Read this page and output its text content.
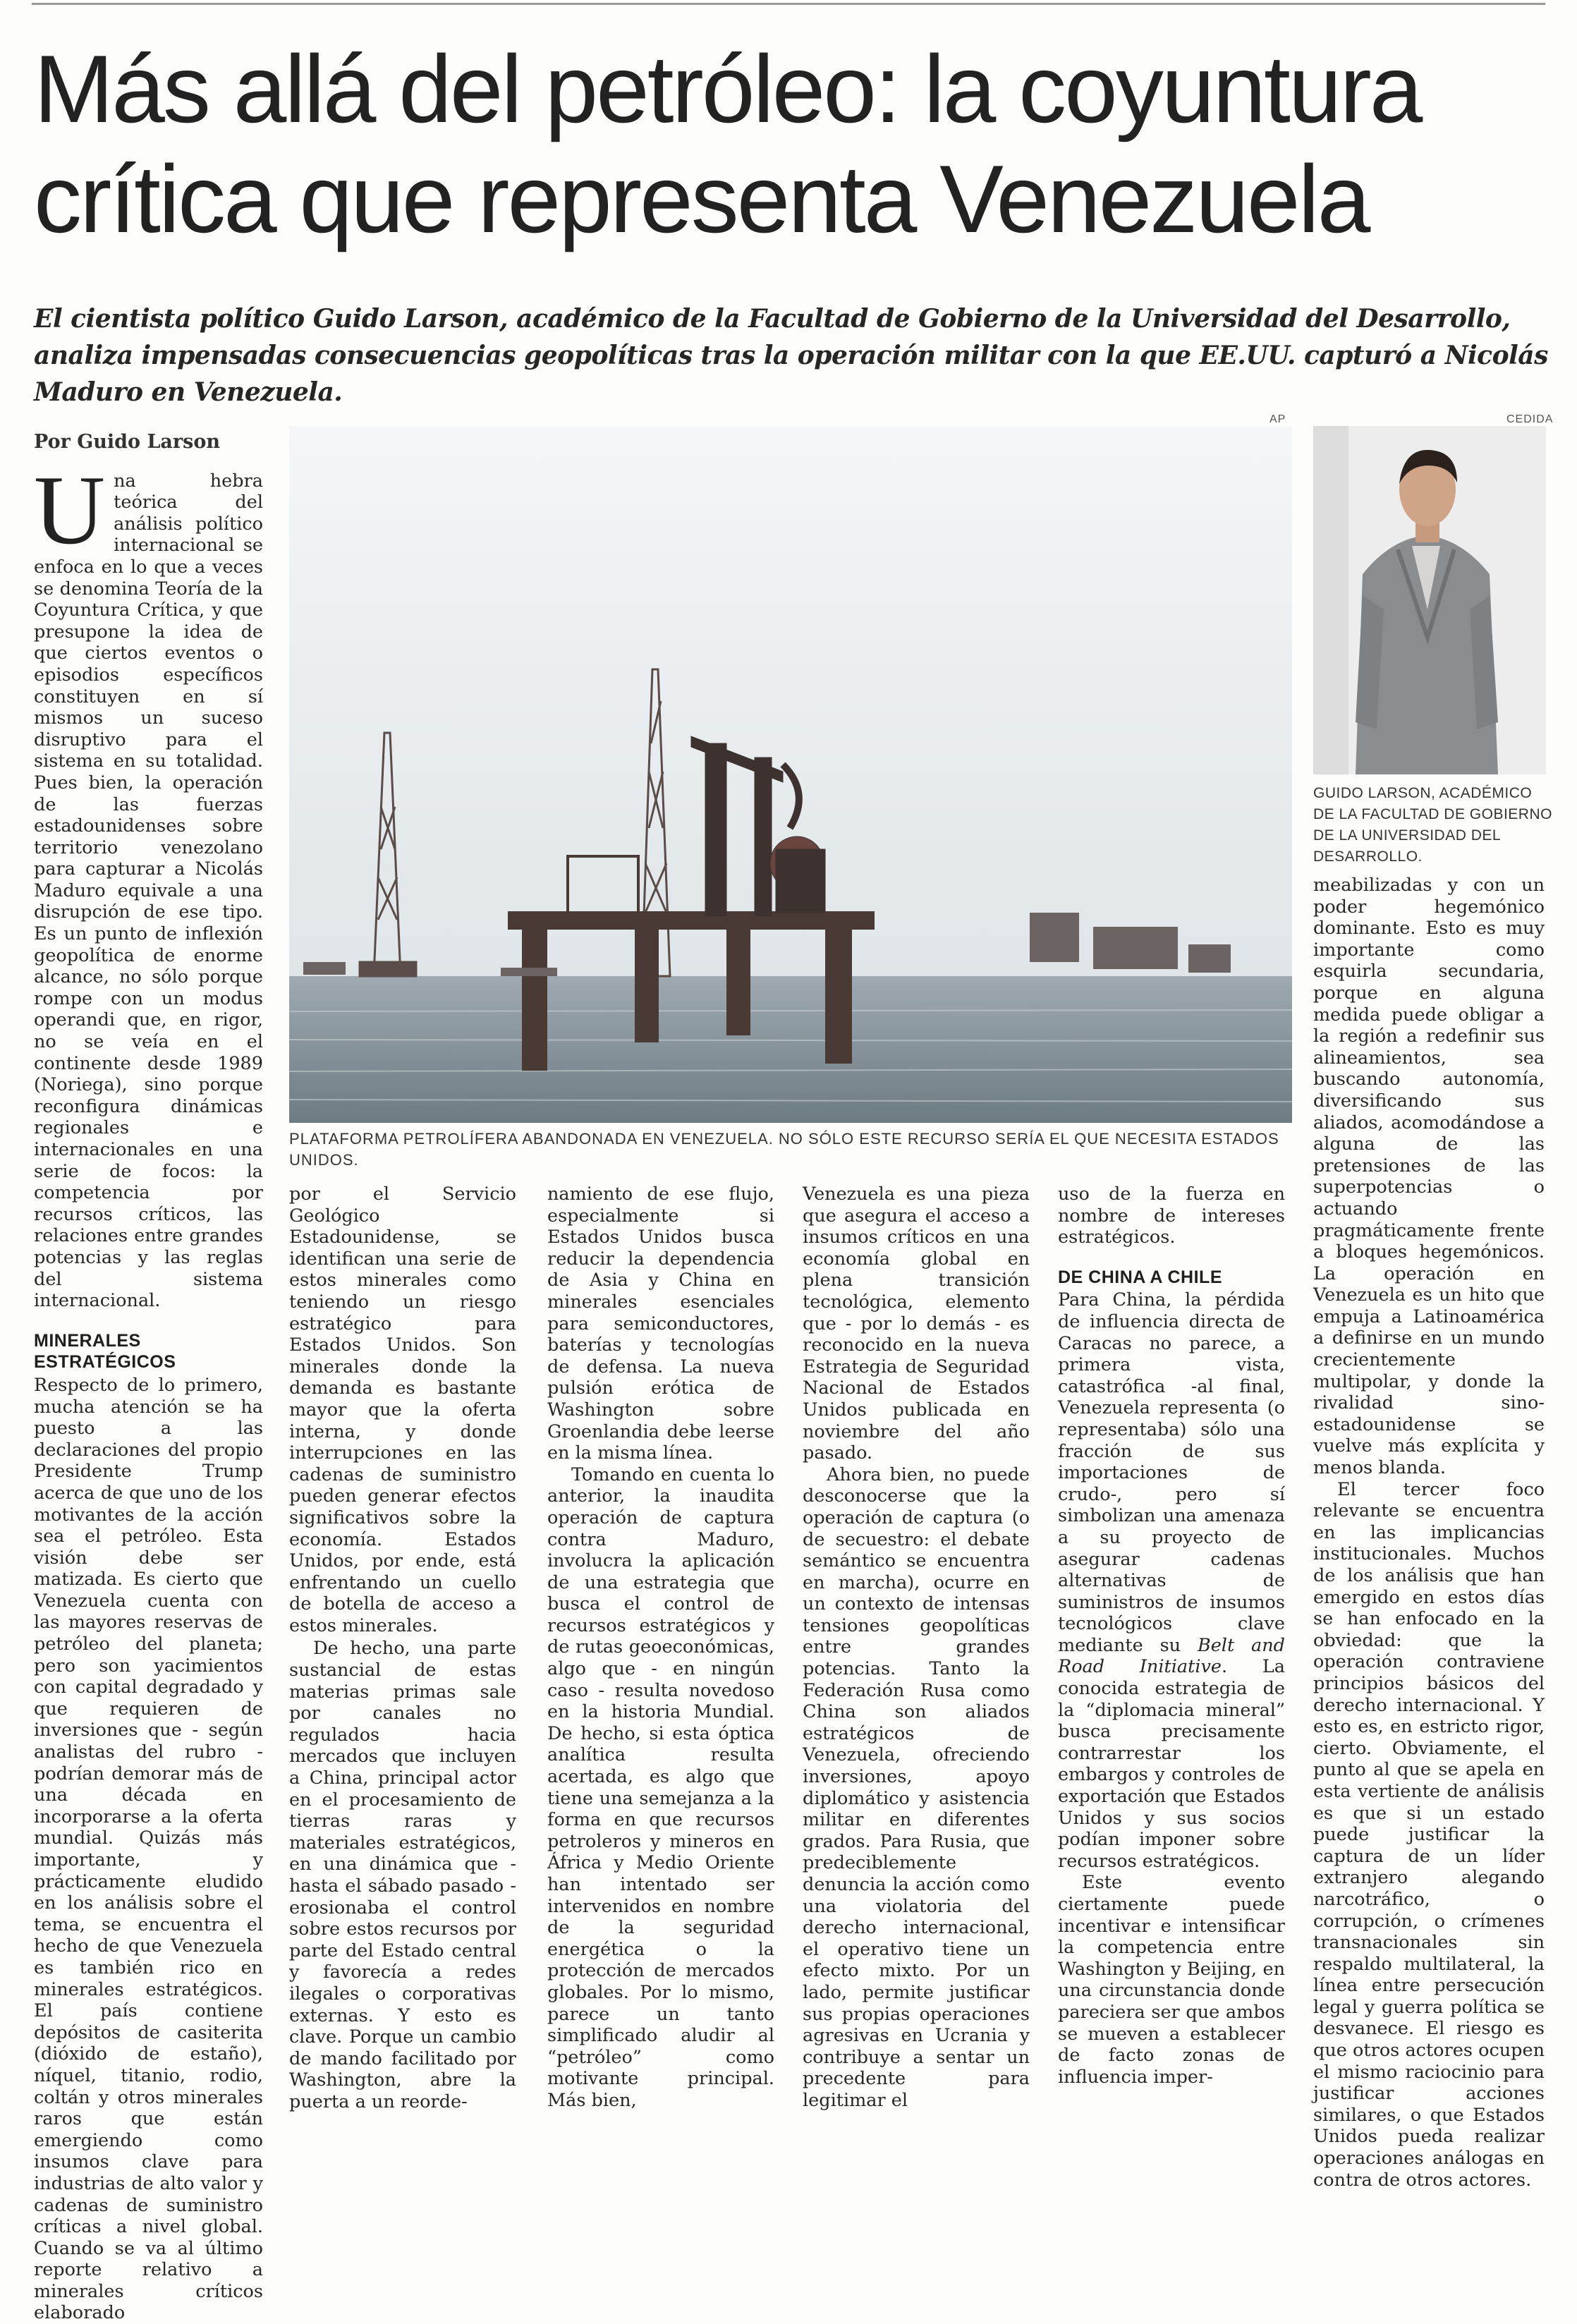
Más allá del petróleo: la coyuntura crítica que representa Venezuela

El cientista político Guido Larson, académico de la Facultad de Gobierno de la Universidad del Desarrollo, analiza impensadas consecuencias geopolíticas tras la operación militar con la que EE.UU. capturó a Nicolás Maduro en Venezuela.

Por Guido Larson

Una hebra teórica del análisis político internacional se enfoca en lo que a veces se denomina Teoría de la Coyuntura Crítica, y que presupone la idea de que ciertos eventos o episodios específicos constituyen en sí mismos un suceso disruptivo para el sistema en su totalidad. Pues bien, la operación de las fuerzas estadounidenses sobre territorio venezolano para capturar a Nicolás Maduro equivale a una disrupción de ese tipo. Es un punto de inflexión geopolítica de enorme alcance, no sólo porque rompe con un modus operandi que, en rigor, no se veía en el continente desde 1989 (Noriega), sino porque reconfigura dinámicas regionales e internacionales en una serie de focos: la competencia por recursos críticos, las relaciones entre grandes potencias y las reglas del sistema internacional.

MINERALES ESTRATÉGICOS

Respecto de lo primero, mucha atención se ha puesto a las declaraciones del propio Presidente Trump acerca de que uno de los motivantes de la acción sea el petróleo. Esta visión debe ser matizada. Es cierto que Venezuela cuenta con las mayores reservas de petróleo del planeta; pero son yacimientos con capital degradado y que requieren de inversiones que - según analistas del rubro - podrían demorar más de una década en incorporarse a la oferta mundial. Quizás más importante, y prácticamente eludido en los análisis sobre el tema, se encuentra el hecho de que Venezuela es también rico en minerales estratégicos. El país contiene depósitos de casiterita (dióxido de estaño), níquel, titanio, rodio, coltán y otros minerales raros que están emergiendo como insumos clave para industrias de alto valor y cadenas de suministro críticas a nivel global. Cuando se va al último reporte relativo a minerales críticos elaborado

AP
PLATAFORMA PETROLÍFERA ABANDONADA EN VENEZUELA. NO SÓLO ESTE RECURSO SERÍA EL QUE NECESITA ESTADOS UNIDOS.
CEDIDA
GUIDO LARSON, ACADÉMICO DE LA FACULTAD DE GOBIERNO DE LA UNIVERSIDAD DEL DESARROLLO.

por el Servicio Geológico Estadounidense, se identifican una serie de estos minerales como teniendo un riesgo estratégico para Estados Unidos. Son minerales donde la demanda es bastante mayor que la oferta interna, y donde interrupciones en las cadenas de suministro pueden generar efectos significativos sobre la economía. Estados Unidos, por ende, está enfrentando un cuello de botella de acceso a estos minerales.

De hecho, una parte sustancial de estas materias primas sale por canales no regulados hacia mercados que incluyen a China, principal actor en el procesamiento de tierras raras y materiales estratégicos, en una dinámica que - hasta el sábado pasado - erosionaba el control sobre estos recursos por parte del Estado central y favorecía a redes ilegales o corporativas externas. Y esto es clave. Porque un cambio de mando facilitado por Washington, abre la puerta a un reorde-

namiento de ese flujo, especialmente si Estados Unidos busca reducir la dependencia de Asia y China en minerales esenciales para semiconductores, baterías y tecnologías de defensa. La nueva pulsión erótica de Washington sobre Groenlandia debe leerse en la misma línea.

Tomando en cuenta lo anterior, la inaudita operación de captura contra Maduro, involucra la aplicación de una estrategia que busca el control de recursos estratégicos y de rutas geoeconómicas, algo que - en ningún caso - resulta novedoso en la historia Mundial. De hecho, si esta óptica analítica resulta acertada, es algo que tiene una semejanza a la forma en que recursos petroleros y mineros en África y Medio Oriente han intentado ser intervenidos en nombre de la seguridad energética o la protección de mercados globales. Por lo mismo, parece un tanto simplificado aludir al “petróleo” como motivante principal. Más bien,

Venezuela es una pieza que asegura el acceso a insumos críticos en una economía global en plena transición tecnológica, elemento que - por lo demás - es reconocido en la nueva Estrategia de Seguridad Nacional de Estados Unidos publicada en noviembre del año pasado.

Ahora bien, no puede desconocerse que la operación de captura (o de secuestro: el debate semántico se encuentra en marcha), ocurre en un contexto de intensas tensiones geopolíticas entre grandes potencias. Tanto la Federación Rusa como China son aliados estratégicos de Venezuela, ofreciendo inversiones, apoyo diplomático y asistencia militar en diferentes grados. Para Rusia, que predeciblemente denuncia la acción como una violatoria del derecho internacional, el operativo tiene un efecto mixto. Por un lado, permite justificar sus propias operaciones agresivas en Ucrania y contribuye a sentar un precedente para legitimar el

uso de la fuerza en nombre de intereses estratégicos.

DE CHINA A CHILE

Para China, la pérdida de influencia directa de Caracas no parece, a primera vista, catastrófica -al final, Venezuela representa (o representaba) sólo una fracción de sus importaciones de crudo-, pero sí simbolizan una amenaza a su proyecto de asegurar cadenas alternativas de suministros de insumos tecnológicos clave mediante su Belt and Road Initiative. La conocida estrategia de la “diplomacia mineral” busca precisamente contrarrestar los embargos y controles de exportación que Estados Unidos y sus socios podían imponer sobre recursos estratégicos.

Este evento ciertamente puede incentivar e intensificar la competencia entre Washington y Beijing, en una circunstancia donde pareciera ser que ambos se mueven a establecer de facto zonas de influencia imper-

meabilizadas y con un poder hegemónico dominante. Esto es muy importante como esquirla secundaria, porque en alguna medida puede obligar a la región a redefinir sus alineamientos, sea buscando autonomía, diversificando sus aliados, acomodándose a alguna de las pretensiones de las superpotencias o actuando pragmáticamente frente a bloques hegemónicos. La operación en Venezuela es un hito que empuja a Latinoamérica a definirse en un mundo crecientemente multipolar, y donde la rivalidad sino-estadounidense se vuelve más explícita y menos blanda.

El tercer foco relevante se encuentra en las implicancias institucionales. Muchos de los análisis que han emergido en estos días se han enfocado en la obviedad: que la operación contraviene principios básicos del derecho internacional. Y esto es, en estricto rigor, cierto. Obviamente, el punto al que se apela en esta vertiente de análisis es que si un estado puede justificar la captura de un líder extranjero alegando narcotráfico, o corrupción, o crímenes transnacionales sin respaldo multilateral, la línea entre persecución legal y guerra política se desvanece. El riesgo es que otros actores ocupen el mismo raciocinio para justificar acciones similares, o que Estados Unidos pueda realizar operaciones análogas en contra de otros actores.
